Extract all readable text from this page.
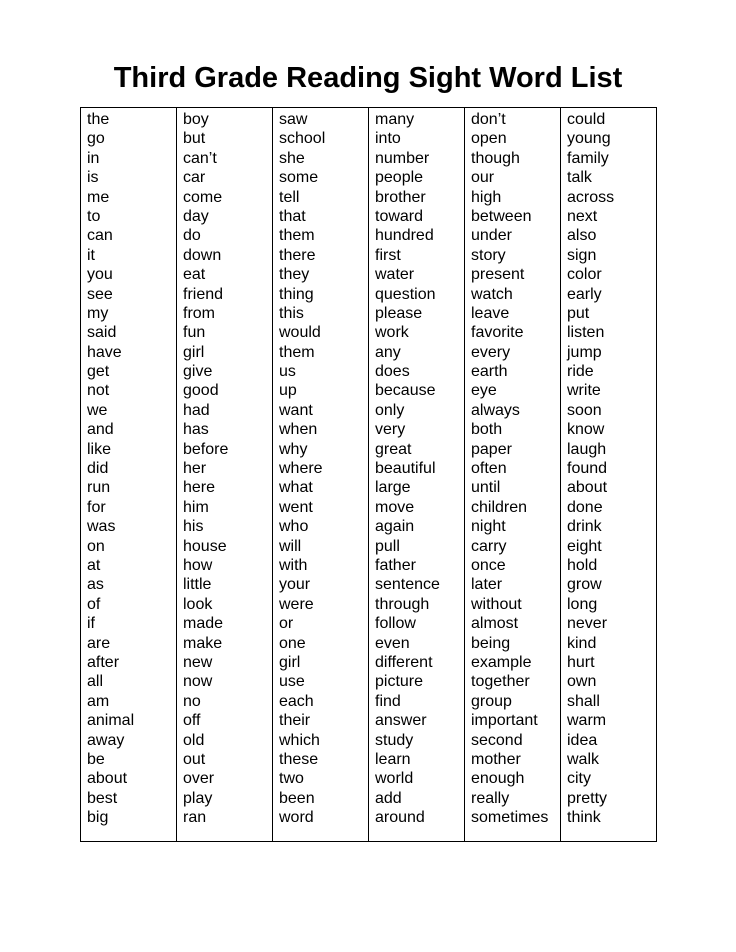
Third Grade Reading Sight Word List
the
go
in
is
me
to
can
it
you
see
my
said
have
get
not
we
and
like
did
run
for
was
on
at
as
of
if
are
after
all
am
animal
away
be
about
best
big
boy
but
can’t
car
come
day
do
down
eat
friend
from
fun
girl
give
good
had
has
before
her
here
him
his
house
how
little
look
made
make
new
now
no
off
old
out
over
play
ran
saw
school
she
some
tell
that
them
there
they
thing
this
would
them
us
up
want
when
why
where
what
went
who
will
with
your
were
or
one
girl
use
each
their
which
these
two
been
word
many
into
number
people
brother
toward
hundred
first
water
question
please
work
any
does
because
only
very
great
beautiful
large
move
again
pull
father
sentence
through
follow
even
different
picture
find
answer
study
learn
world
add
around
don’t
open
though
our
high
between
under
story
present
watch
leave
favorite
every
earth
eye
always
both
paper
often
until
children
night
carry
once
later
without
almost
being
example
together
group
important
second
mother
enough
really
sometimes
could
young
family
talk
across
next
also
sign
color
early
put
listen
jump
ride
write
soon
know
laugh
found
about
done
drink
eight
hold
grow
long
never
kind
hurt
own
shall
warm
idea
walk
city
pretty
think
